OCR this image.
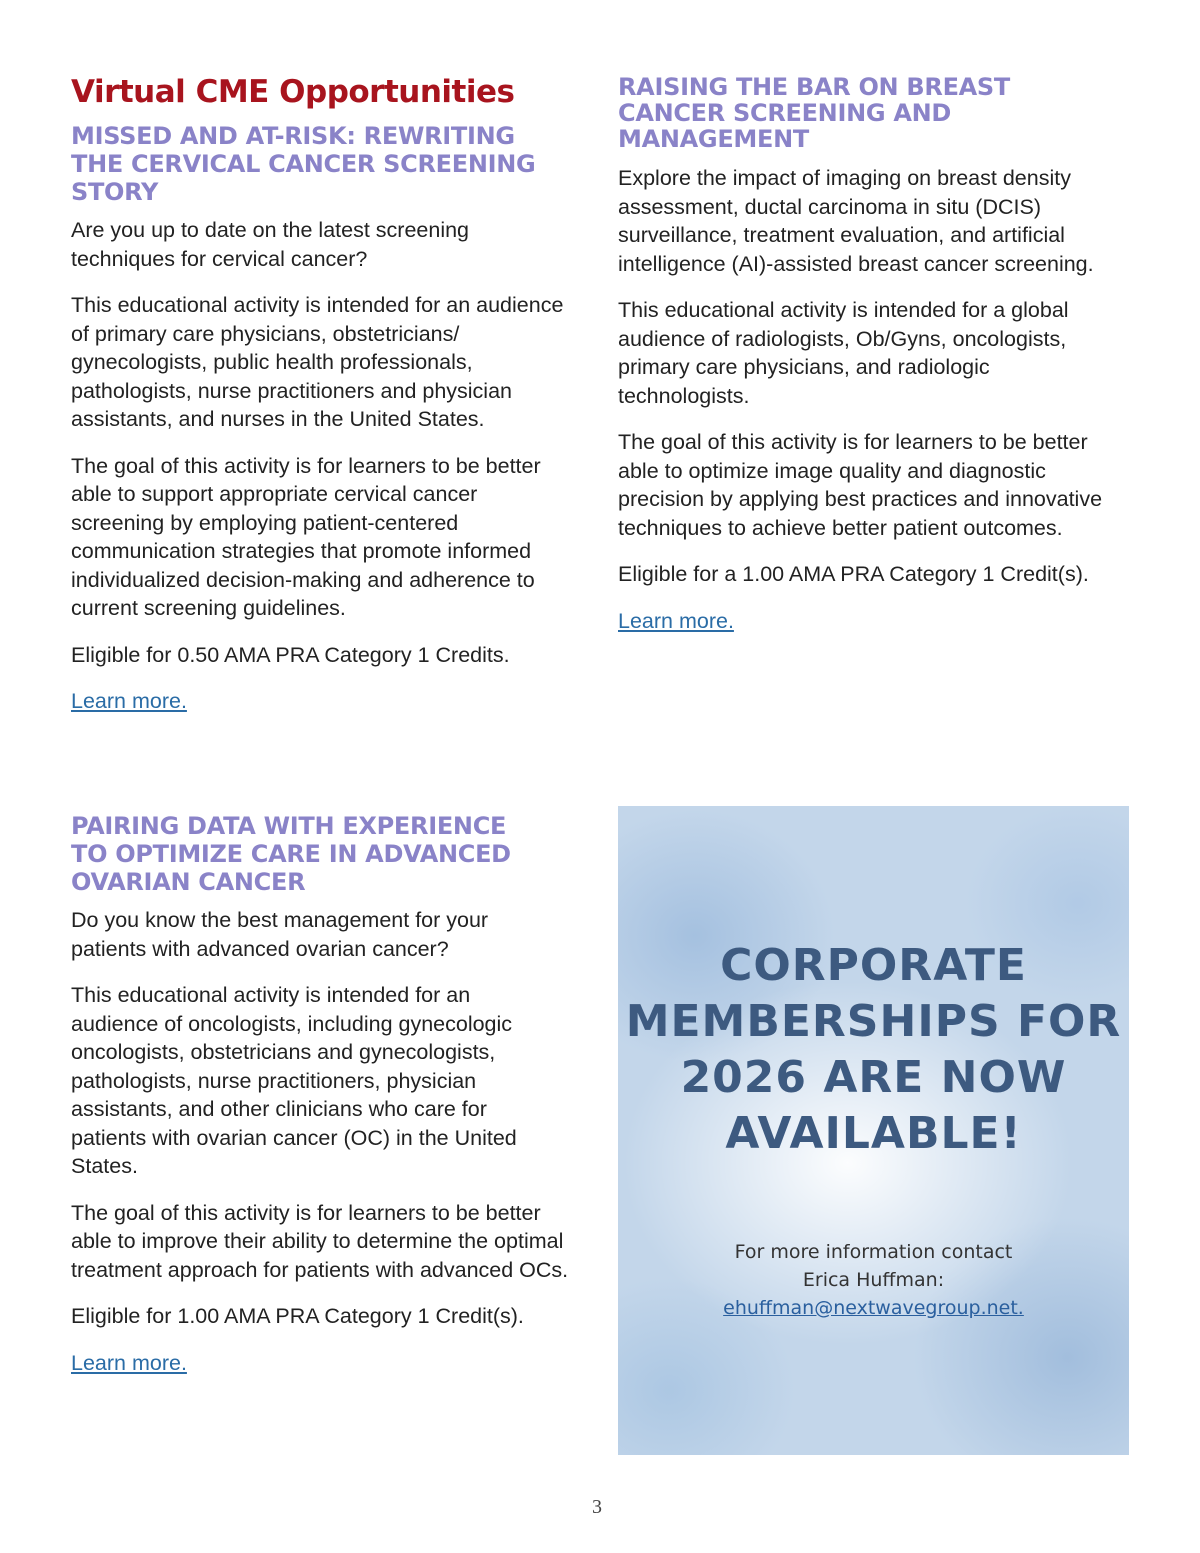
Virtual CME Opportunities
MISSED AND AT-RISK: REWRITING THE CERVICAL CANCER SCREENING STORY

Are you up to date on the latest screening techniques for cervical cancer?

This educational activity is intended for an audience of primary care physicians, obstetricians/ gynecologists, public health professionals, pathologists, nurse practitioners and physician assistants, and nurses in the United States.

The goal of this activity is for learners to be better able to support appropriate cervical cancer screening by employing patient-centered communication strategies that promote informed individualized decision-making and adherence to current screening guidelines.

Eligible for 0.50 AMA PRA Category 1 Credits.

Learn more.
RAISING THE BAR ON BREAST CANCER SCREENING AND MANAGEMENT

Explore the impact of imaging on breast density assessment, ductal carcinoma in situ (DCIS) surveillance, treatment evaluation, and artificial intelligence (AI)-assisted breast cancer screening.

This educational activity is intended for a global audience of radiologists, Ob/Gyns, oncologists, primary care physicians, and radiologic technologists.

The goal of this activity is for learners to be better able to optimize image quality and diagnostic precision by applying best practices and innovative techniques to achieve better patient outcomes.

Eligible for a 1.00 AMA PRA Category 1 Credit(s).

Learn more.
PAIRING DATA WITH EXPERIENCE TO OPTIMIZE CARE IN ADVANCED OVARIAN CANCER

Do you know the best management for your patients with advanced ovarian cancer?

This educational activity is intended for an audience of oncologists, including gynecologic oncologists, obstetricians and gynecologists, pathologists, nurse practitioners, physician assistants, and other clinicians who care for patients with ovarian cancer (OC) in the United States.

The goal of this activity is for learners to be better able to improve their ability to determine the optimal treatment approach for patients with advanced OCs.

Eligible for 1.00 AMA PRA Category 1 Credit(s).

Learn more.
CORPORATE MEMBERSHIPS FOR 2026 ARE NOW AVAILABLE!
For more information contact Erica Huffman:
ehuffman@nextwavegroup.net.
3
